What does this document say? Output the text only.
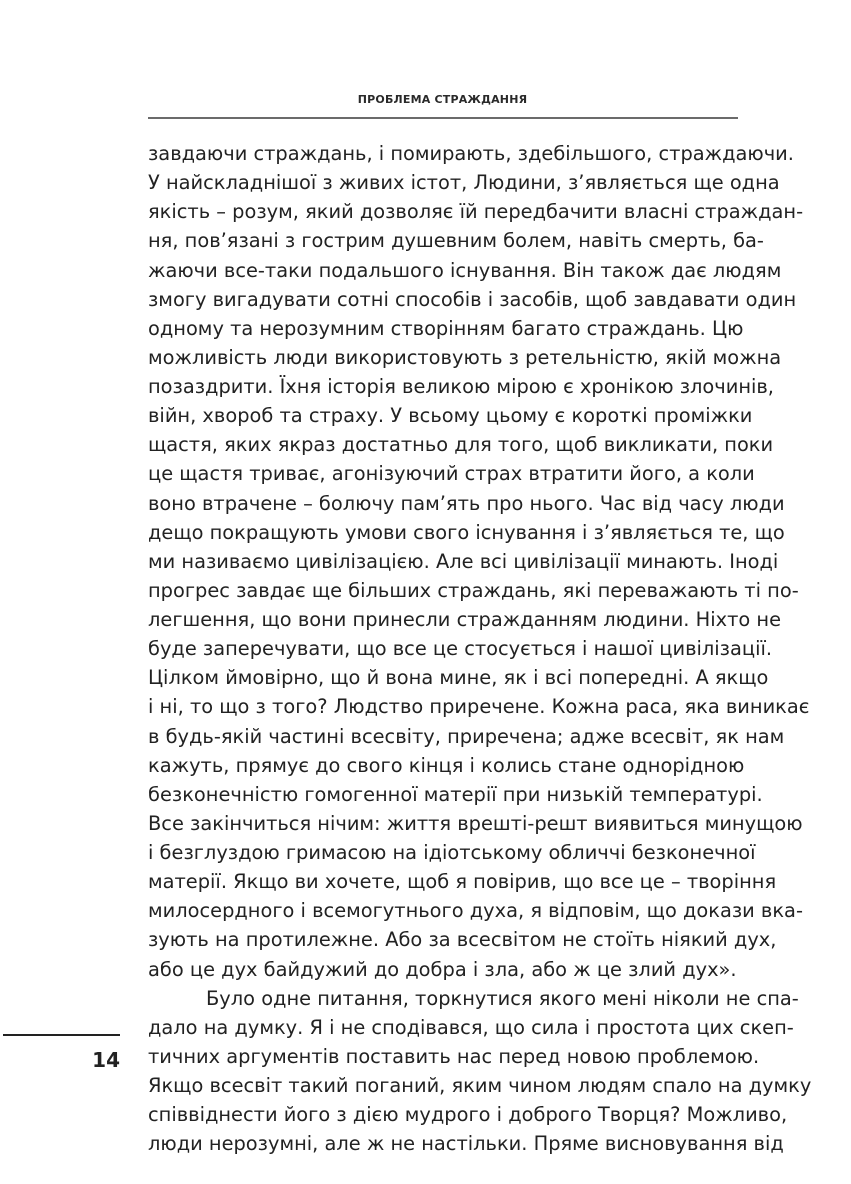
ПРОБЛЕМА СТРАЖДАННЯ
завдаючи страждань, і помирають, здебільшого, страждаючи.
У найскладнішої з живих істот, Людини, з’являється ще одна
якість – розум, який дозволяє їй передбачити власні страждан-
ня, пов’язані з гострим душевним болем, навіть смерть, ба-
жаючи все-таки подальшого існування. Він також дає людям
змогу вигадувати сотні способів і засобів, щоб завдавати один
одному та нерозумним створінням багато страждань. Цю
можливість люди використовують з ретельністю, якій можна
позаздрити. Їхня історія великою мірою є хронікою злочинів,
війн, хвороб та страху. У всьому цьому є короткі проміжки
щастя, яких якраз достатньо для того, щоб викликати, поки
це щастя триває, агонізуючий страх втратити його, а коли
воно втрачене – болючу пам’ять про нього. Час від часу люди
дещо покращують умови свого існування і з’являється те, що
ми називаємо цивілізацією. Але всі цивілізації минають. Іноді
прогрес завдає ще більших страждань, які переважають ті по-
легшення, що вони принесли стражданням людини. Ніхто не
буде заперечувати, що все це стосується і нашої цивілізації.
Цілком ймовірно, що й вона мине, як і всі попередні. А якщо
і ні, то що з того? Людство приречене. Кожна раса, яка виникає
в будь-якій частині всесвіту, приречена; адже всесвіт, як нам
кажуть, прямує до свого кінця і колись стане однорідною
безконечністю гомогенної матерії при низькій температурі.
Все закінчиться нічим: життя врешті-решт виявиться минущою
і безглуздою гримасою на ідіотському обличчі безконечної
матерії. Якщо ви хочете, щоб я повірив, що все це – творіння
милосердного і всемогутнього духа, я відповім, що докази вка-
зують на протилежне. Або за всесвітом не стоїть ніякий дух,
або це дух байдужий до добра і зла, або ж це злий дух».
Було одне питання, торкнутися якого мені ніколи не спа-
дало на думку. Я і не сподівався, що сила і простота цих скеп-
тичних аргументів поставить нас перед новою проблемою.
Якщо всесвіт такий поганий, яким чином людям спало на думку
співвіднести його з дією мудрого і доброго Творця? Можливо,
люди нерозумні, але ж не настільки. Пряме висновування від
14
